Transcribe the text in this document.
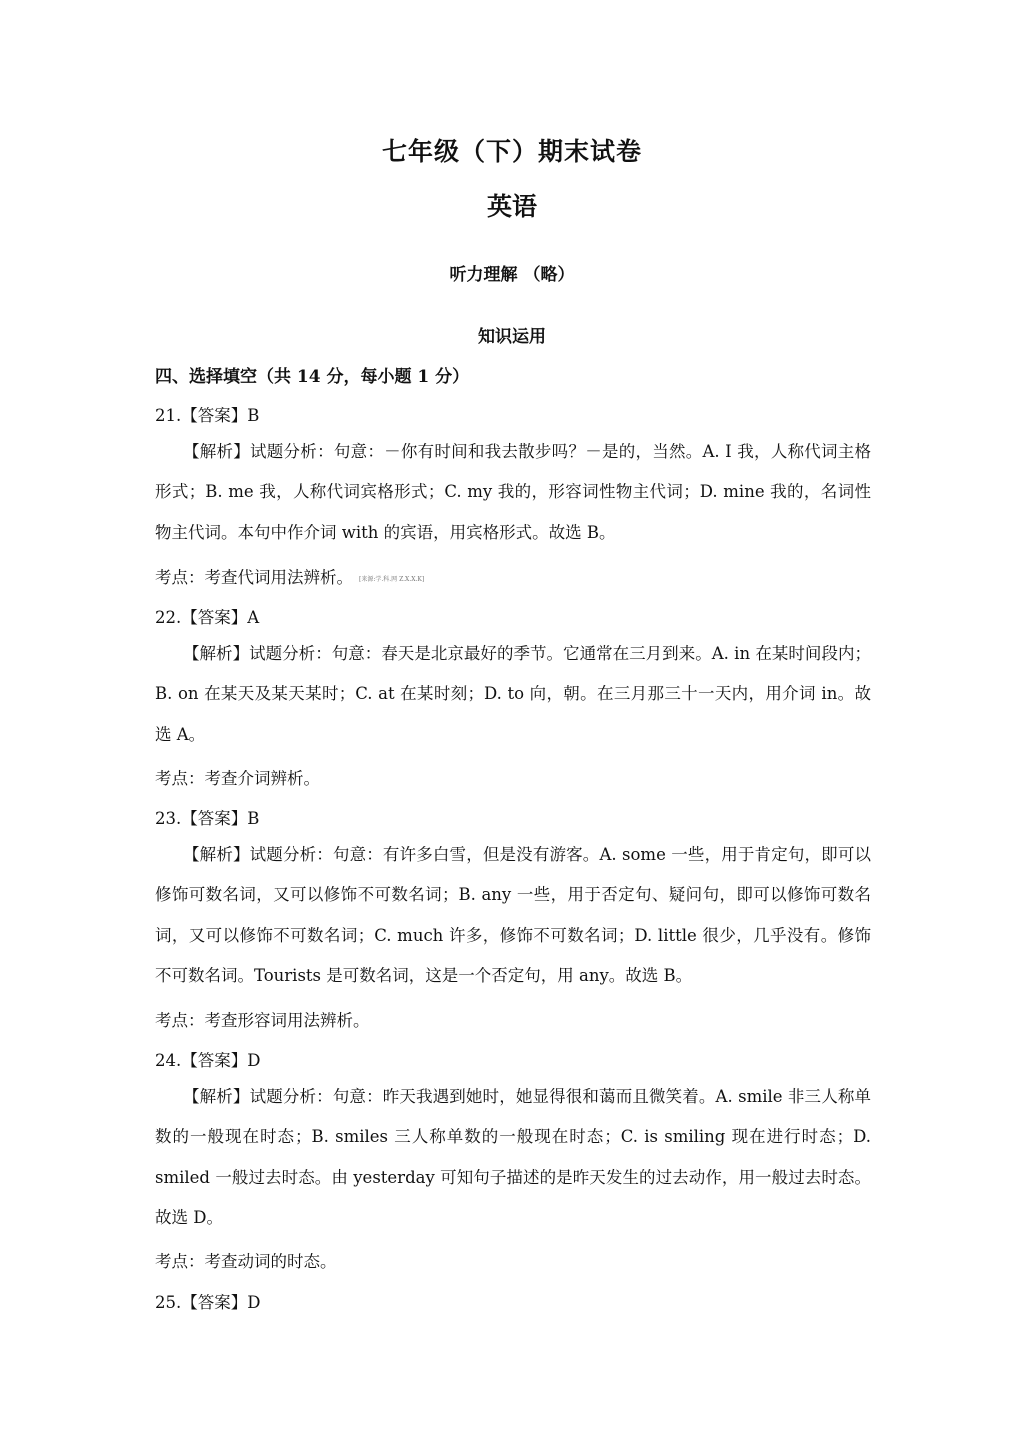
七年级（下）期末试卷
英语
听力理解 （略）
知识运用
四、选择填空（共 14 分，每小题 1 分）
21.【答案】B
【解析】试题分析：句意：－你有时间和我去散步吗？－是的，当然。A. I 我，人称代词主格形式；B. me 我，人称代词宾格形式；C. my 我的，形容词性物主代词；D. mine 我的，名词性物主代词。本句中作介词 with 的宾语，用宾格形式。故选 B。
考点：考查代词用法辨析。 [来源:学.科.网 Z.X.X.K]
22.【答案】A
【解析】试题分析：句意：春天是北京最好的季节。它通常在三月到来。A. in 在某时间段内；B. on 在某天及某天某时；C. at 在某时刻；D. to 向，朝。在三月那三十一天内，用介词 in。故选 A。
考点：考查介词辨析。
23.【答案】B
【解析】试题分析：句意：有许多白雪，但是没有游客。A. some 一些，用于肯定句，即可以修饰可数名词，又可以修饰不可数名词；B. any 一些，用于否定句、疑问句，即可以修饰可数名词，又可以修饰不可数名词；C. much 许多，修饰不可数名词；D. little 很少，几乎没有。修饰不可数名词。Tourists 是可数名词，这是一个否定句，用 any。故选 B。
考点：考查形容词用法辨析。
24.【答案】D
【解析】试题分析：句意：昨天我遇到她时，她显得很和蔼而且微笑着。A. smile 非三人称单数的一般现在时态；B. smiles 三人称单数的一般现在时态；C. is smiling 现在进行时态；D. smiled 一般过去时态。由 yesterday 可知句子描述的是昨天发生的过去动作，用一般过去时态。故选 D。
考点：考查动词的时态。
25.【答案】D
